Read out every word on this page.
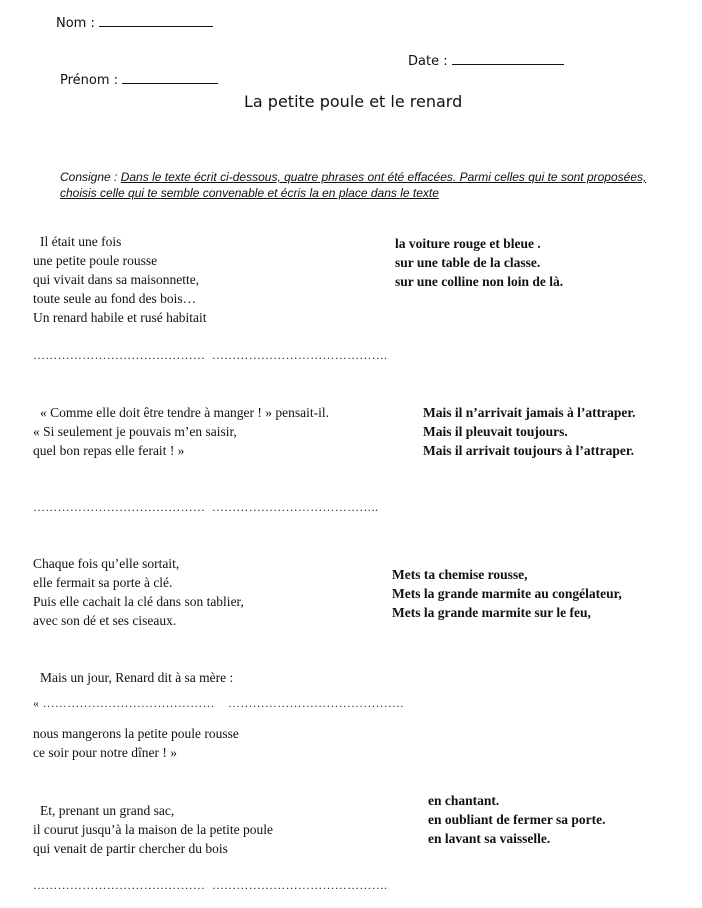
Nom :
Date :
Prénom :
La petite poule et le renard
Consigne : Dans le texte écrit ci-dessous, quatre phrases ont été effacées. Parmi celles qui te sont proposées,
choisis celle qui te semble convenable et écris la en place dans le texte
Il était une fois
une petite poule rousse
qui vivait dans sa maisonnette,
toute seule au fond des bois…
Un renard habile et rusé habitait
la voiture rouge et bleue .
sur une table de la classe.
sur une colline non loin de là.
…………………………………… …………………………………….
« Comme elle doit être tendre à manger ! » pensait-il.
« Si seulement je pouvais m’en saisir,
quel bon repas elle ferait ! »
Mais il n’arrivait jamais à l’attraper.
Mais il pleuvait toujours.
Mais il arrivait toujours à l’attraper.
…………………………………… …………………………………..
Chaque fois qu’elle sortait,
elle fermait sa porte à clé.
Puis elle cachait la clé dans son tablier,
avec son dé et ses ciseaux.
Mets ta chemise rousse,
Mets la grande marmite au congélateur,
Mets la grande marmite sur le feu,
Mais un jour, Renard dit à sa mère :
« …………………………………… …………………………………….
nous mangerons la petite poule rousse
ce soir pour notre dîner ! »
Et, prenant un grand sac,
il courut jusqu’à la maison de la petite poule
qui venait de partir chercher du bois
en chantant.
en oubliant de fermer sa porte.
en lavant sa vaisselle.
…………………………………… …………………………………….
